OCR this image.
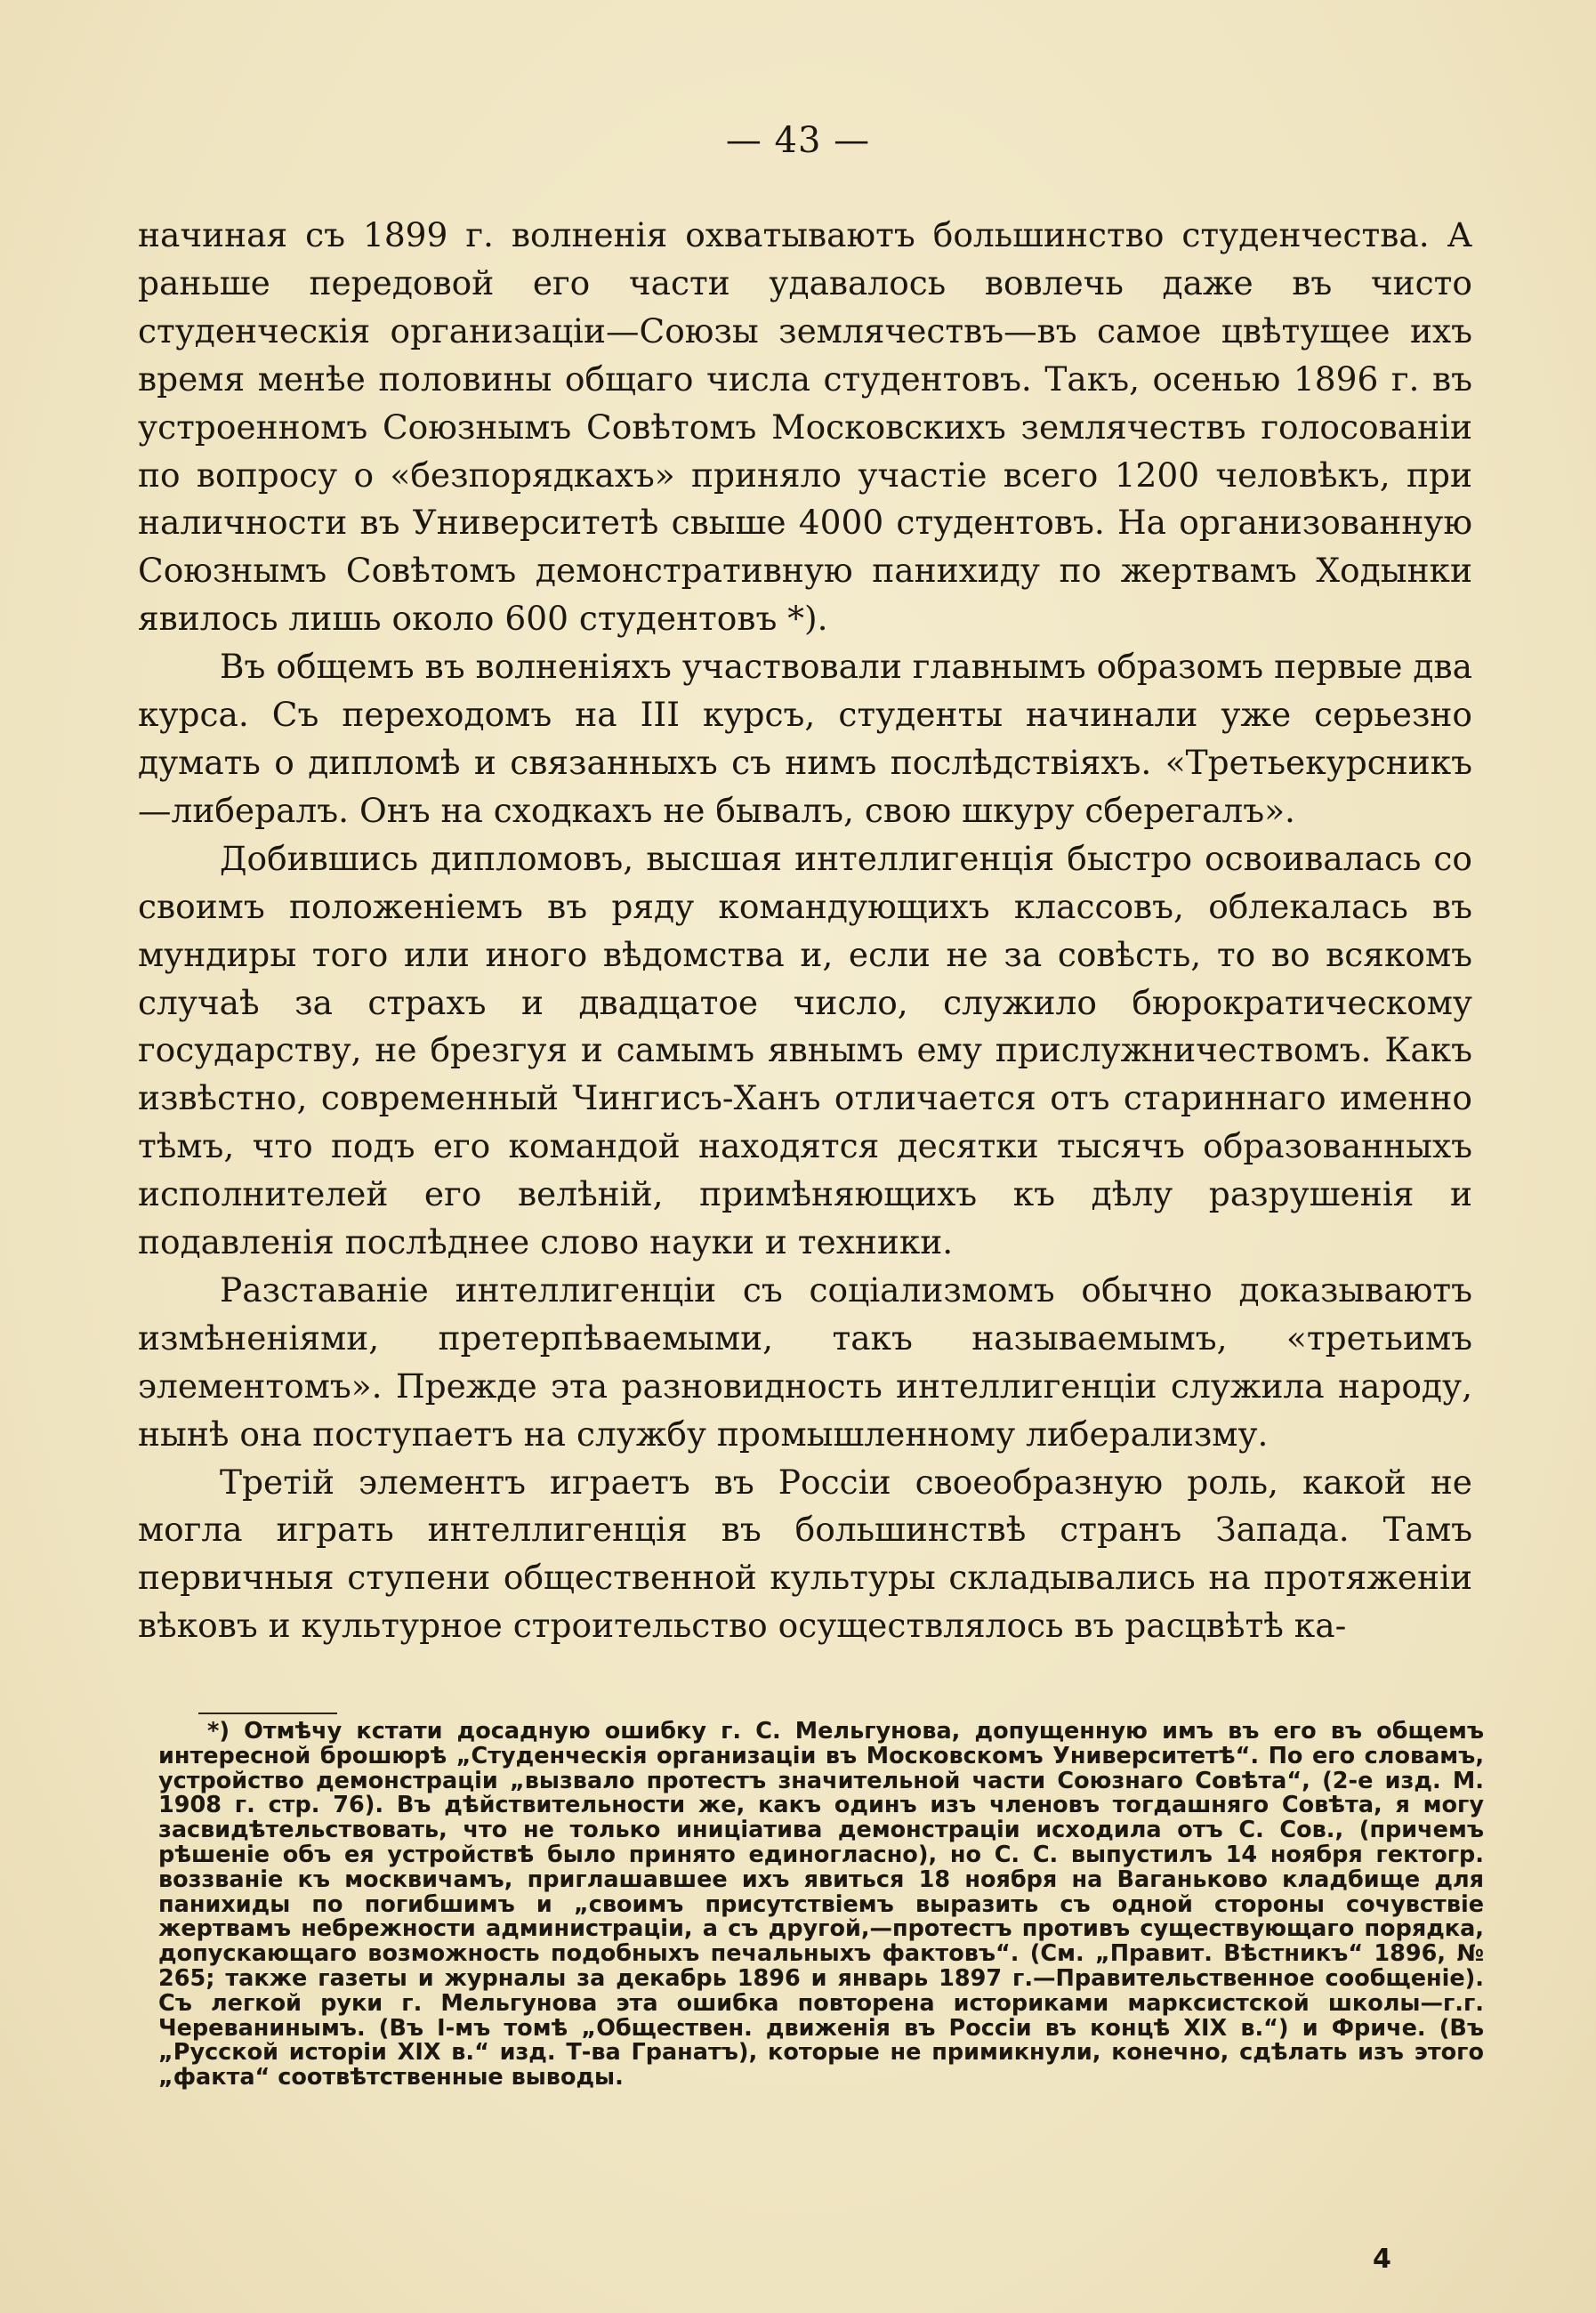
— 43 —

начиная съ 1899 г. волненія охватываютъ большинство студенчества. А раньше передовой его части удавалось вовлечь даже въ чисто студенческія организаціи—Союзы землячествъ—въ самое цвѣтущее ихъ время менѣе половины общаго числа студентовъ. Такъ, осенью 1896 г. въ устроенномъ Союзнымъ Совѣтомъ Московскихъ землячествъ голосованіи по вопросу о «безпорядкахъ» приняло участіе всего 1200 человѣкъ, при наличности въ Университетѣ свыше 4000 студентовъ. На организованную Союзнымъ Совѣтомъ демонстративную панихиду по жертвамъ Ходынки явилось лишь около 600 студентовъ *).

Въ общемъ въ волненіяхъ участвовали главнымъ образомъ первые два курса. Съ переходомъ на III курсъ, студенты начинали уже серьезно думать о дипломѣ и связанныхъ съ нимъ послѣдствіяхъ. «Третьекурсникъ—либералъ. Онъ на сходкахъ не бывалъ, свою шкуру сберегалъ».

Добившись дипломовъ, высшая интеллигенція быстро освоивалась со своимъ положеніемъ въ ряду командующихъ классовъ, облекалась въ мундиры того или иного вѣдомства и, если не за совѣсть, то во всякомъ случаѣ за страхъ и двадцатое число, служило бюрократическому государству, не брезгуя и самымъ явнымъ ему прислужничествомъ. Какъ извѣстно, современный Чингисъ-Ханъ отличается отъ стариннаго именно тѣмъ, что подъ его командой находятся десятки тысячъ образованныхъ исполнителей его велѣній, примѣняющихъ къ дѣлу разрушенія и подавленія послѣднее слово науки и техники.

Разставаніе интеллигенціи съ соціализмомъ обычно доказываютъ измѣненіями, претерпѣваемыми, такъ называемымъ, «третьимъ элементомъ». Прежде эта разновидность интеллигенціи служила народу, нынѣ она поступаетъ на службу промышленному либерализму.

Третій элементъ играетъ въ Россіи своеобразную роль, какой не могла играть интеллигенція въ большинствѣ странъ Запада. Тамъ первичныя ступени общественной культуры складывались на протяженіи вѣковъ и культурное строительство осуществлялось въ расцвѣтѣ ка-

*) Отмѣчу кстати досадную ошибку г. С. Мельгунова, допущенную имъ въ его въ общемъ интересной брошюрѣ „Студенческія организаціи въ Московскомъ Университетѣ“. По его словамъ, устройство демонстраціи „вызвало протестъ значительной части Союзнаго Совѣта“, (2-е изд. М. 1908 г. стр. 76). Въ дѣйствительности же, какъ одинъ изъ членовъ тогдашняго Совѣта, я могу засвидѣтельствовать, что не только иниціатива демонстраціи исходила отъ С. Сов., (причемъ рѣшеніе объ ея устройствѣ было принято единогласно), но С. С. выпустилъ 14 ноября гектогр. воззваніе къ москвичамъ, приглашавшее ихъ явиться 18 ноября на Ваганьково кладбище для панихиды по погибшимъ и „своимъ присутствіемъ выразить съ одной стороны сочувствіе жертвамъ небрежности администраціи, а съ другой,—протестъ противъ существующаго порядка, допускающаго возможность подобныхъ печальныхъ фактовъ“. (См. „Правит. Вѣстникъ“ 1896, № 265; также газеты и журналы за декабрь 1896 и январь 1897 г.—Правительственное сообщеніе). Съ легкой руки г. Мельгунова эта ошибка повторена историками марксистской школы—г.г. Череванинымъ. (Въ I-мъ томѣ „Обществен. движенія въ Россіи въ концѣ XIX в.“) и Фриче. (Въ „Русской исторіи XIX в.“ изд. Т-ва Гранатъ), которые не примикнули, конечно, сдѣлать изъ этого „факта“ соотвѣтственные выводы.

4
